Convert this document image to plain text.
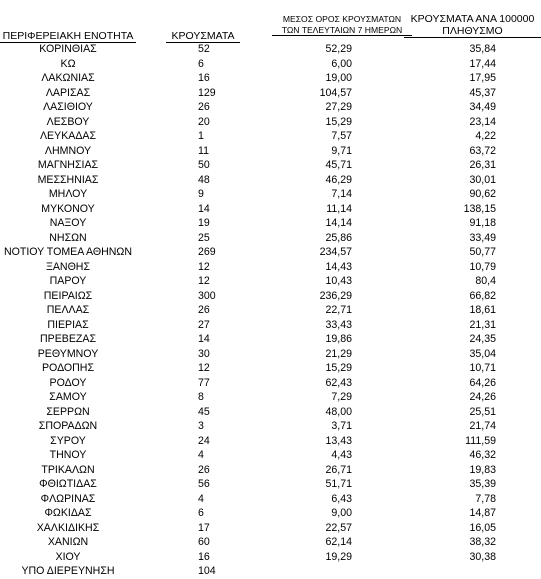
ΠΕΡΙΦΕΡΕΙΑΚΗ ΕΝΟΤΗΤΑ	ΚΡΟΥΣΜΑΤΑ
ΜΕΣΟΣ ΟΡΟΣ ΚΡΟΥΣΜΑΤΩΝ
ΤΩΝ ΤΕΛΕΥΤΑΙΩΝ 7 ΗΜΕΡΩΝ
ΚΡΟΥΣΜΑΤΑ ΑΝΑ 100000
ΠΛΗΘΥΣΜΟ
ΚΟΡΙΝΘΙΑΣ	52	52,29	35,84
ΚΩ	6	6,00	17,44
ΛΑΚΩΝΙΑΣ	16	19,00	17,95
ΛΑΡΙΣΑΣ	129	104,57	45,37
ΛΑΣΙΘΙΟΥ	26	27,29	34,49
ΛΕΣΒΟΥ	20	15,29	23,14
ΛΕΥΚΑΔΑΣ	1	7,57	4,22
ΛΗΜΝΟΥ	11	9,71	63,72
ΜΑΓΝΗΣΙΑΣ	50	45,71	26,31
ΜΕΣΣΗΝΙΑΣ	48	46,29	30,01
ΜΗΛΟΥ	9	7,14	90,62
ΜΥΚΟΝΟΥ	14	11,14	138,15
ΝΑΞΟΥ	19	14,14	91,18
ΝΗΣΩΝ	25	25,86	33,49
ΝΟΤΙΟΥ ΤΟΜΕΑ ΑΘΗΝΩΝ	269	234,57	50,77
ΞΑΝΘΗΣ	12	14,43	10,79
ΠΑΡΟΥ	12	10,43	80,4
ΠΕΙΡΑΙΩΣ	300	236,29	66,82
ΠΕΛΛΑΣ	26	22,71	18,61
ΠΙΕΡΙΑΣ	27	33,43	21,31
ΠΡΕΒΕΖΑΣ	14	19,86	24,35
ΡΕΘΥΜΝΟΥ	30	21,29	35,04
ΡΟΔΟΠΗΣ	12	15,29	10,71
ΡΟΔΟΥ	77	62,43	64,26
ΣΑΜΟΥ	8	7,29	24,26
ΣΕΡΡΩΝ	45	48,00	25,51
ΣΠΟΡΑΔΩΝ	3	3,71	21,74
ΣΥΡΟΥ	24	13,43	111,59
ΤΗΝΟΥ	4	4,43	46,32
ΤΡΙΚΑΛΩΝ	26	26,71	19,83
ΦΘΙΩΤΙΔΑΣ	56	51,71	35,39
ΦΛΩΡΙΝΑΣ	4	6,43	7,78
ΦΩΚΙΔΑΣ	6	9,00	14,87
ΧΑΛΚΙΔΙΚΗΣ	17	22,57	16,05
ΧΑΝΙΩΝ	60	62,14	38,32
ΧΙΟΥ	16	19,29	30,38
ΥΠΟ ΔΙΕΡΕΥΝΗΣΗ	104
